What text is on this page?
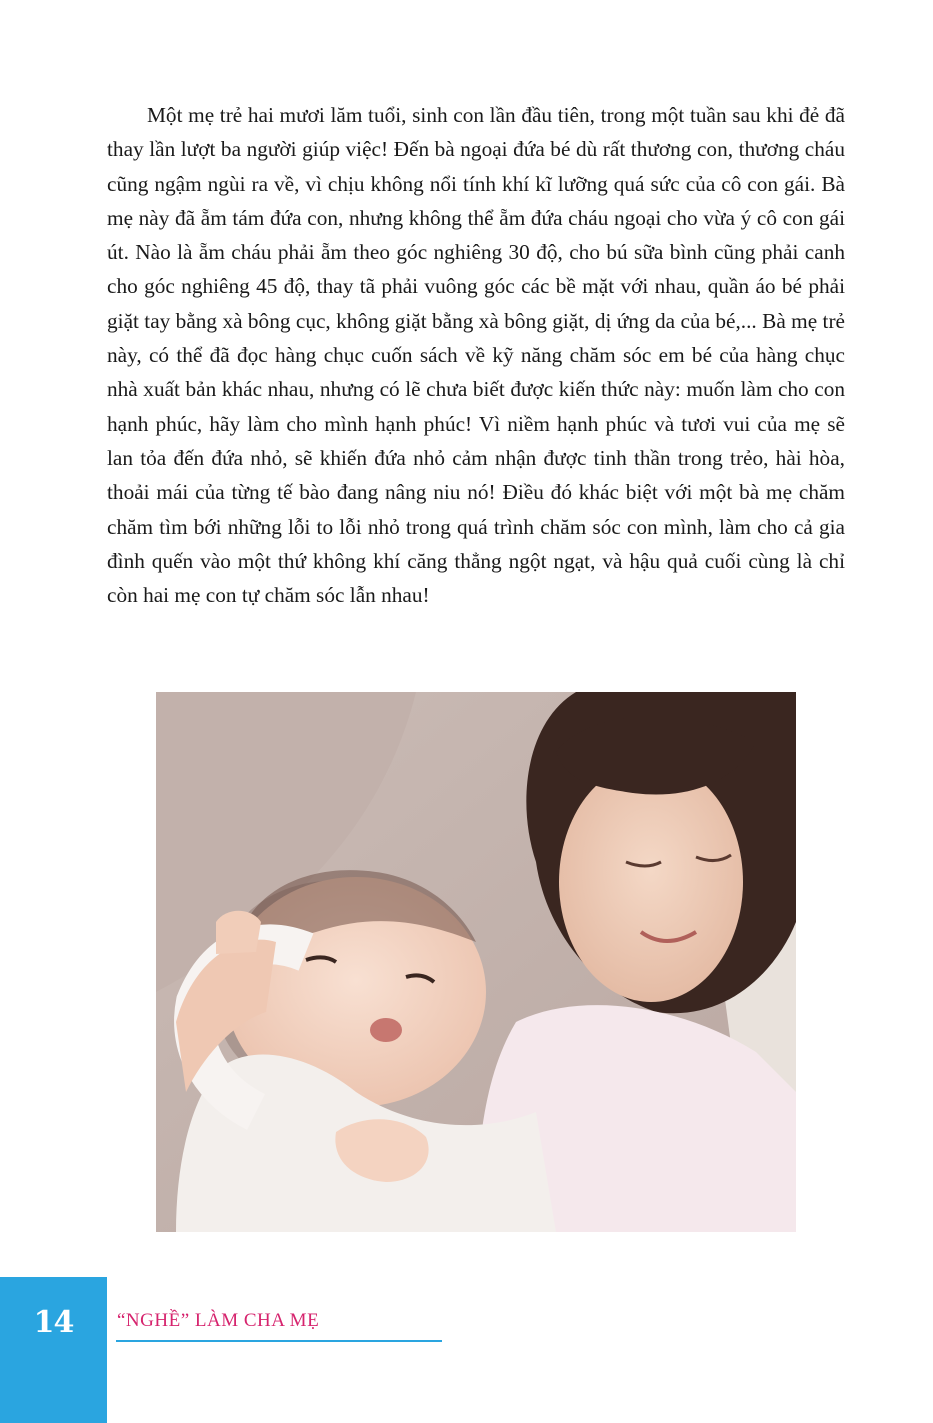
Một mẹ trẻ hai mươi lăm tuổi, sinh con lần đầu tiên, trong một tuần sau khi đẻ đã thay lần lượt ba người giúp việc! Đến bà ngoại đứa bé dù rất thương con, thương cháu cũng ngậm ngùi ra về, vì chịu không nổi tính khí kĩ lưỡng quá sức của cô con gái. Bà mẹ này đã ẵm tám đứa con, nhưng không thể ẵm đứa cháu ngoại cho vừa ý cô con gái út. Nào là ẵm cháu phải ẵm theo góc nghiêng 30 độ, cho bú sữa bình cũng phải canh cho góc nghiêng 45 độ, thay tã phải vuông góc các bề mặt với nhau, quần áo bé phải giặt tay bằng xà bông cục, không giặt bằng xà bông giặt, dị ứng da của bé,... Bà mẹ trẻ này, có thể đã đọc hàng chục cuốn sách về kỹ năng chăm sóc em bé của hàng chục nhà xuất bản khác nhau, nhưng có lẽ chưa biết được kiến thức này: muốn làm cho con hạnh phúc, hãy làm cho mình hạnh phúc! Vì niềm hạnh phúc và tươi vui của mẹ sẽ lan tỏa đến đứa nhỏ, sẽ khiến đứa nhỏ cảm nhận được tinh thần trong trẻo, hài hòa, thoải mái của từng tế bào đang nâng niu nó! Điều đó khác biệt với một bà mẹ chăm chăm tìm bới những lỗi to lỗi nhỏ trong quá trình chăm sóc con mình, làm cho cả gia đình quến vào một thứ không khí căng thẳng ngột ngạt, và hậu quả cuối cùng là chỉ còn hai mẹ con tự chăm sóc lẫn nhau!

14	“NGHỀ” LÀM CHA MẸ
